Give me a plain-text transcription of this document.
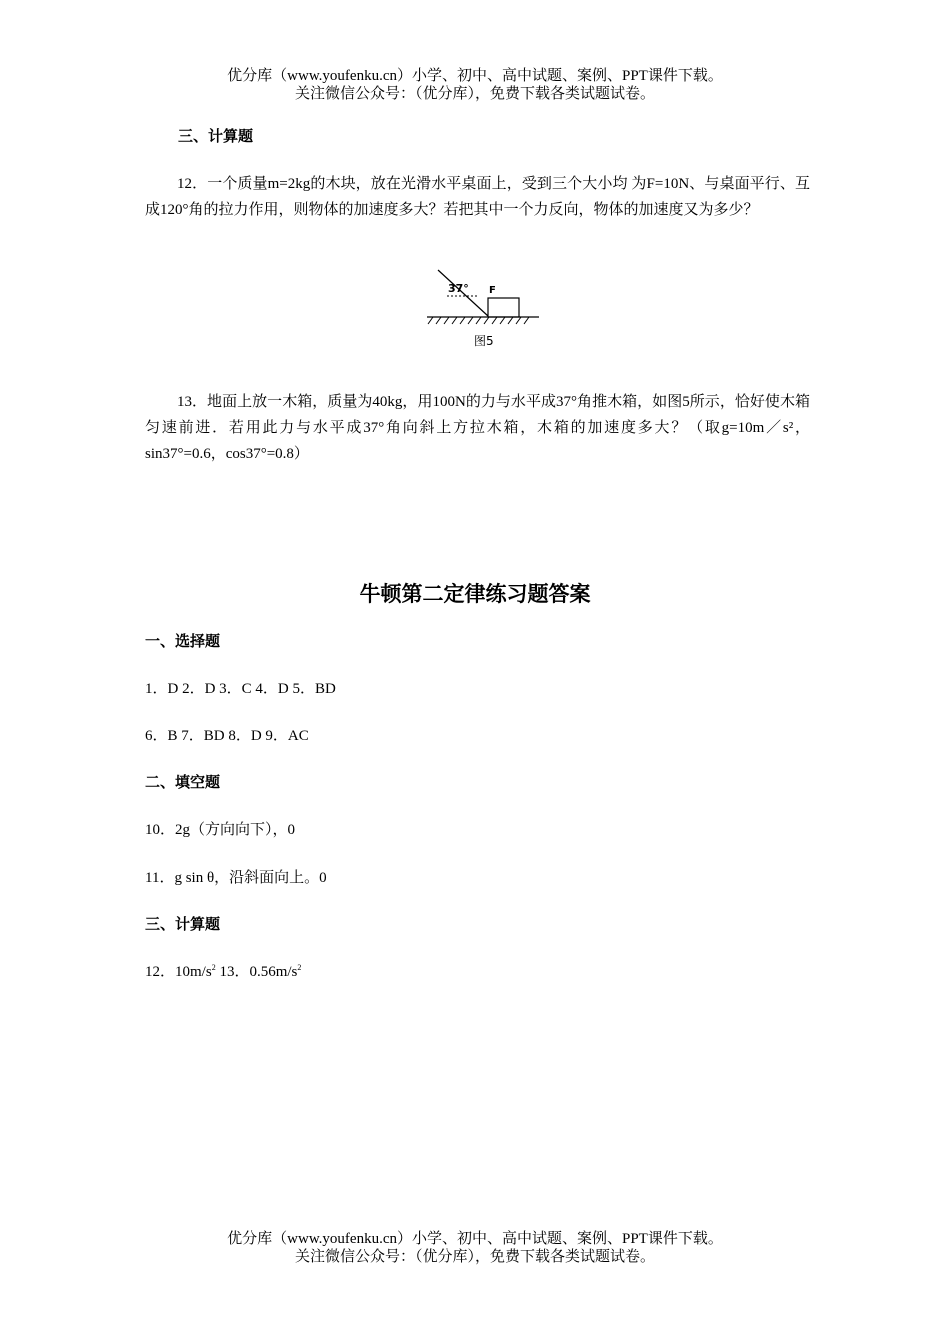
优分库（www.youfenku.cn）小学、初中、高中试题、案例、PPT课件下载。
关注微信公众号：（优分库），免费下载各类试题试卷。
三、计算题
12．一个质量m=2kg的木块，放在光滑水平桌面上，受到三个大小均 为F=10N、与桌面平行、互成120°角的拉力作用，则物体的加速度多大？若把其中一个力反向，物体的加速度又为多少？
13．地面上放一木箱，质量为40kg，用100N的力与水平成37°角推木箱，如图5所示，恰好使木箱匀速前进．若用此力与水平成37°角向斜上方拉木箱，木箱的加速度多大？（取g=10m／s²，sin37°=0.6，cos37°=0.8）
37° F
图5
牛顿第二定律练习题答案
一、选择题
1．D 2．D 3．C 4．D 5．BD
6．B 7．BD 8．D 9．AC
二、填空题
10．2g（方向向下），0
11．g sin θ，沿斜面向上。0
三、计算题
12．$10m/s^2$ 13．$0.56m/s^2$
优分库（www.youfenku.cn）小学、初中、高中试题、案例、PPT课件下载。
关注微信公众号：（优分库），免费下载各类试题试卷。
